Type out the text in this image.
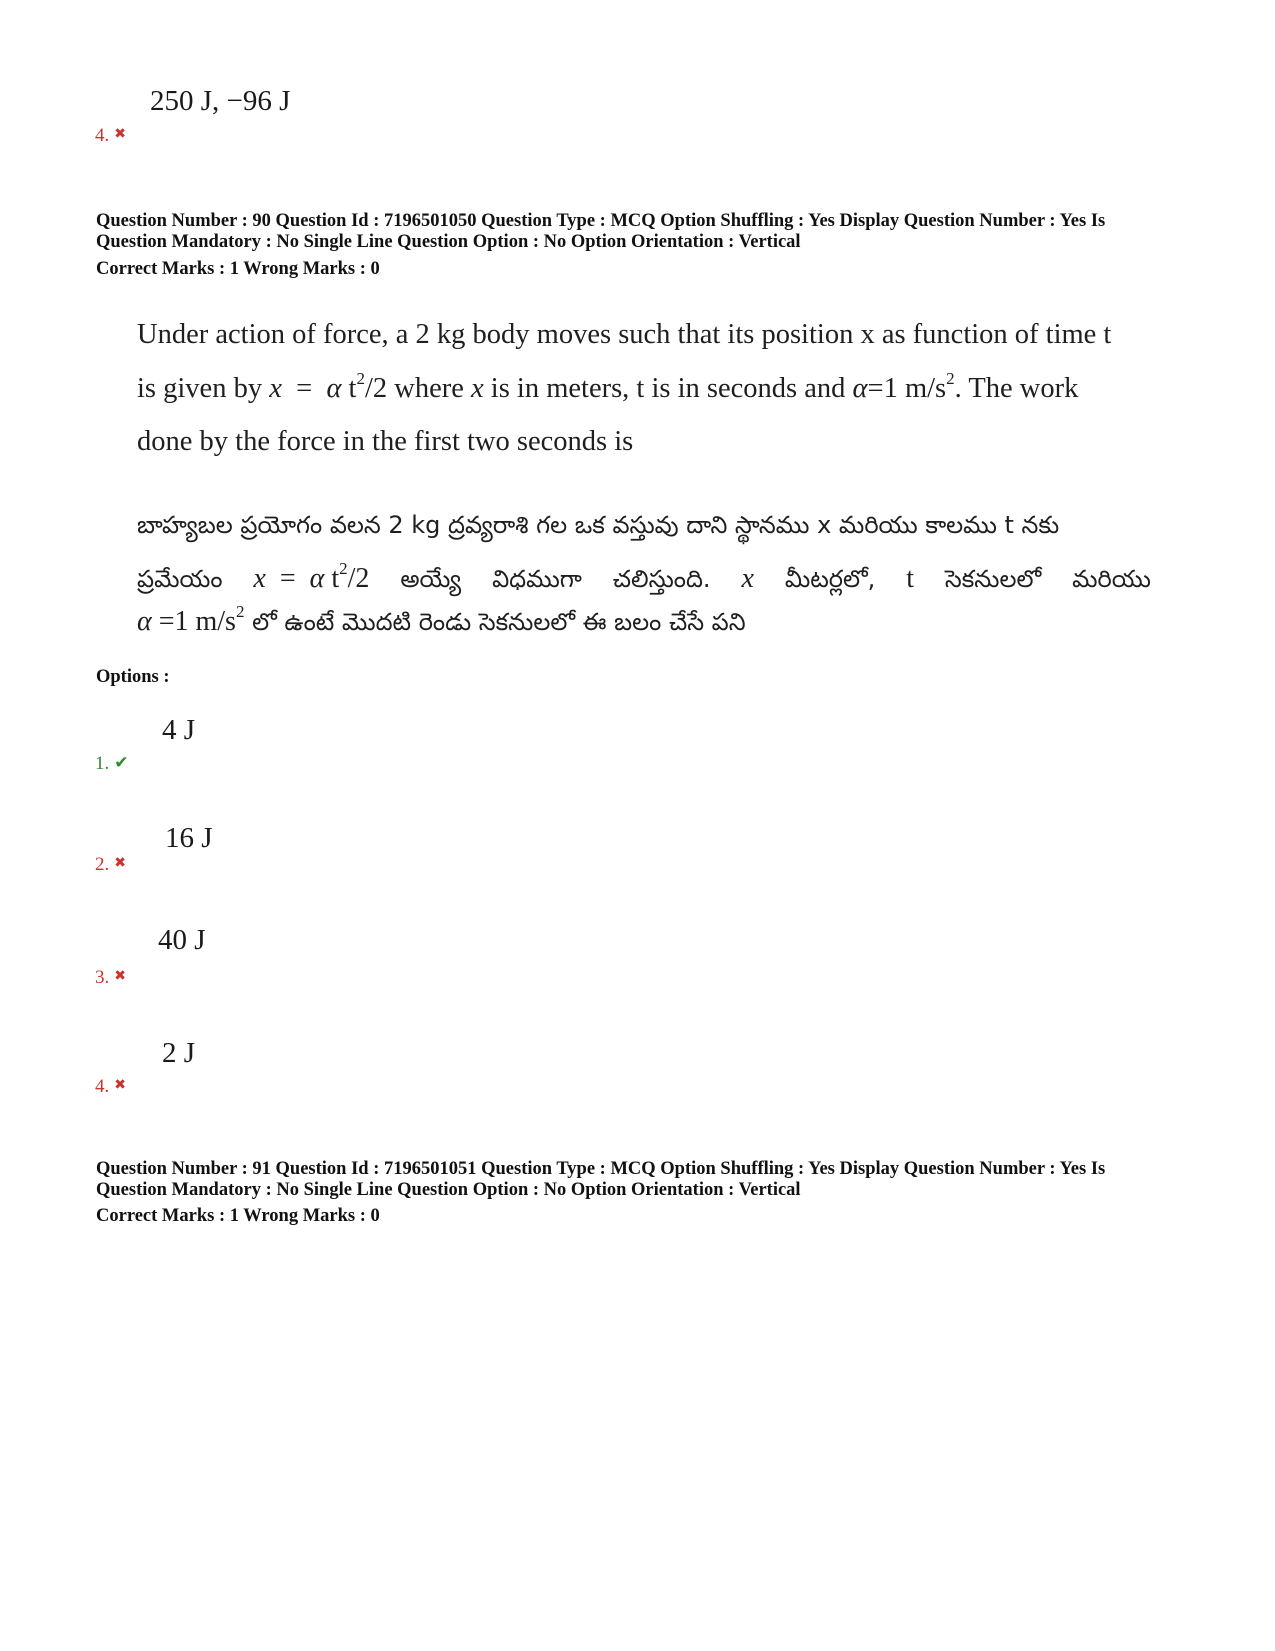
250 J, −96 J
4. ✖
Question Number : 90 Question Id : 7196501050 Question Type : MCQ Option Shuffling : Yes Display Question Number : Yes Is
Question Mandatory : No Single Line Question Option : No Option Orientation : Vertical
Correct Marks : 1 Wrong Marks : 0
Under action of force, a 2 kg body moves such that its position x as function of time t
is given by x = α $t^2/2$ where x is in meters, t is in seconds and α=1 $m/s^2$. The work
done by the force in the first two seconds is
బాహ్యబల ప్రయోగం వలన 2 kg ద్రవ్యరాశి గల ఒక వస్తువు దాని స్థానము x మరియు కాలము t నకు
ప్రమేయం x = α $t^2/2$ అయ్యే విధముగా చలిస్తుంది. x మీటర్లలో, t సెకనులలో మరియు
α =1 $m/s^2$ లో ఉంటే మొదటి రెండు సెకనులలో ఈ బలం చేసే పని
Options :
4 J
1. ✔
16 J
2. ✖
40 J
3. ✖
2 J
4. ✖
Question Number : 91 Question Id : 7196501051 Question Type : MCQ Option Shuffling : Yes Display Question Number : Yes Is
Question Mandatory : No Single Line Question Option : No Option Orientation : Vertical
Correct Marks : 1 Wrong Marks : 0
